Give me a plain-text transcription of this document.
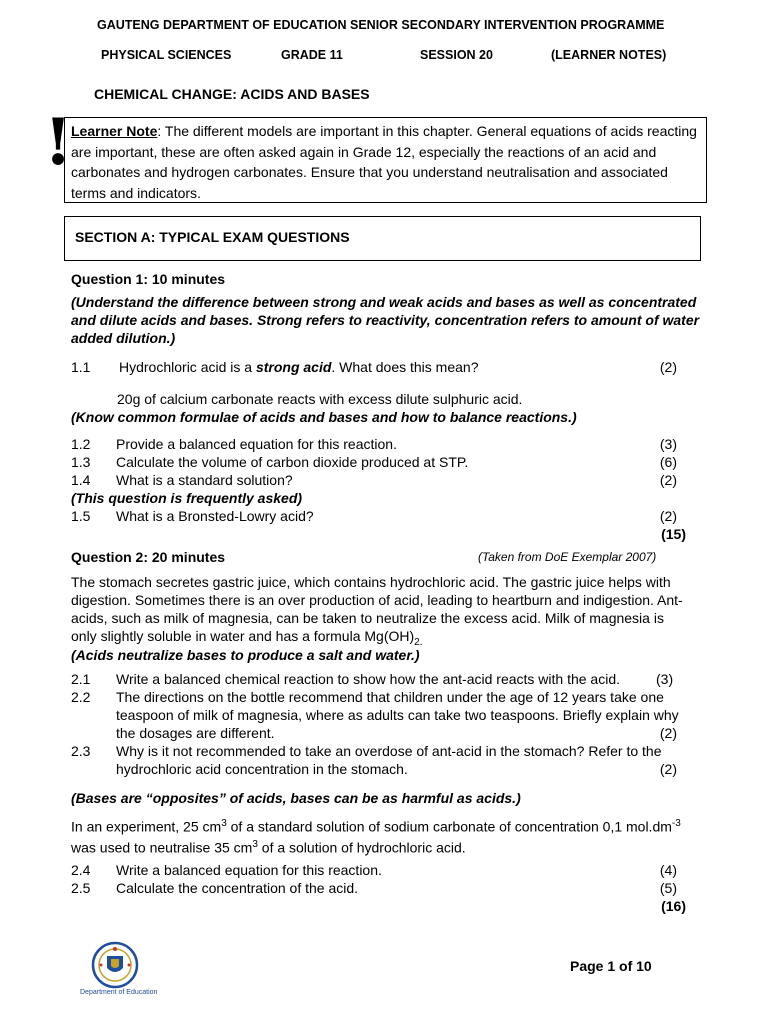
GAUTENG DEPARTMENT OF EDUCATION SENIOR SECONDARY INTERVENTION PROGRAMME
PHYSICAL SCIENCES	GRADE 11	SESSION 20	(LEARNER NOTES)
CHEMICAL CHANGE: ACIDS AND BASES
!
Learner Note: The different models are important in this chapter. General equations of acids reacting are important, these are often asked again in Grade 12, especially the reactions of an acid and carbonates and hydrogen carbonates. Ensure that you understand neutralisation and associated terms and indicators.
SECTION A: TYPICAL EXAM QUESTIONS
Question 1: 10 minutes
(Understand the difference between strong and weak acids and bases as well as concentrated and dilute acids and bases. Strong refers to reactivity, concentration refers to amount of water added dilution.)
1.1 Hydrochloric acid is a strong acid. What does this mean?	(2)
20g of calcium carbonate reacts with excess dilute sulphuric acid.
(Know common formulae of acids and bases and how to balance reactions.)
1.2 Provide a balanced equation for this reaction.	(3)
1.3 Calculate the volume of carbon dioxide produced at STP.	(6)
1.4 What is a standard solution?	(2)
(This question is frequently asked)
1.5 What is a Bronsted-Lowry acid?	(2)
(15)
Question 2: 20 minutes	(Taken from DoE Exemplar 2007)
The stomach secretes gastric juice, which contains hydrochloric acid. The gastric juice helps with digestion. Sometimes there is an over production of acid, leading to heartburn and indigestion. Ant-acids, such as milk of magnesia, can be taken to neutralize the excess acid. Milk of magnesia is only slightly soluble in water and has a formula $Mg(OH)_{2.}$
(Acids neutralize bases to produce a salt and water.)
2.1 Write a balanced chemical reaction to show how the ant-acid reacts with the acid.	(3)
2.2 The directions on the bottle recommend that children under the age of 12 years take one teaspoon of milk of magnesia, where as adults can take two teaspoons. Briefly explain why the dosages are different.	(2)
2.3 Why is it not recommended to take an overdose of ant-acid in the stomach? Refer to the hydrochloric acid concentration in the stomach.	(2)
(Bases are “opposites” of acids, bases can be as harmful as acids.)
In an experiment, 25 $cm^3$ of a standard solution of sodium carbonate of concentration 0,1 $mol.dm^{-3}$ was used to neutralise 35 $cm^3$ of a solution of hydrochloric acid.
2.4 Write a balanced equation for this reaction.	(4)
2.5 Calculate the concentration of the acid.	(5)
(16)
Department of Education
Page 1 of 10
